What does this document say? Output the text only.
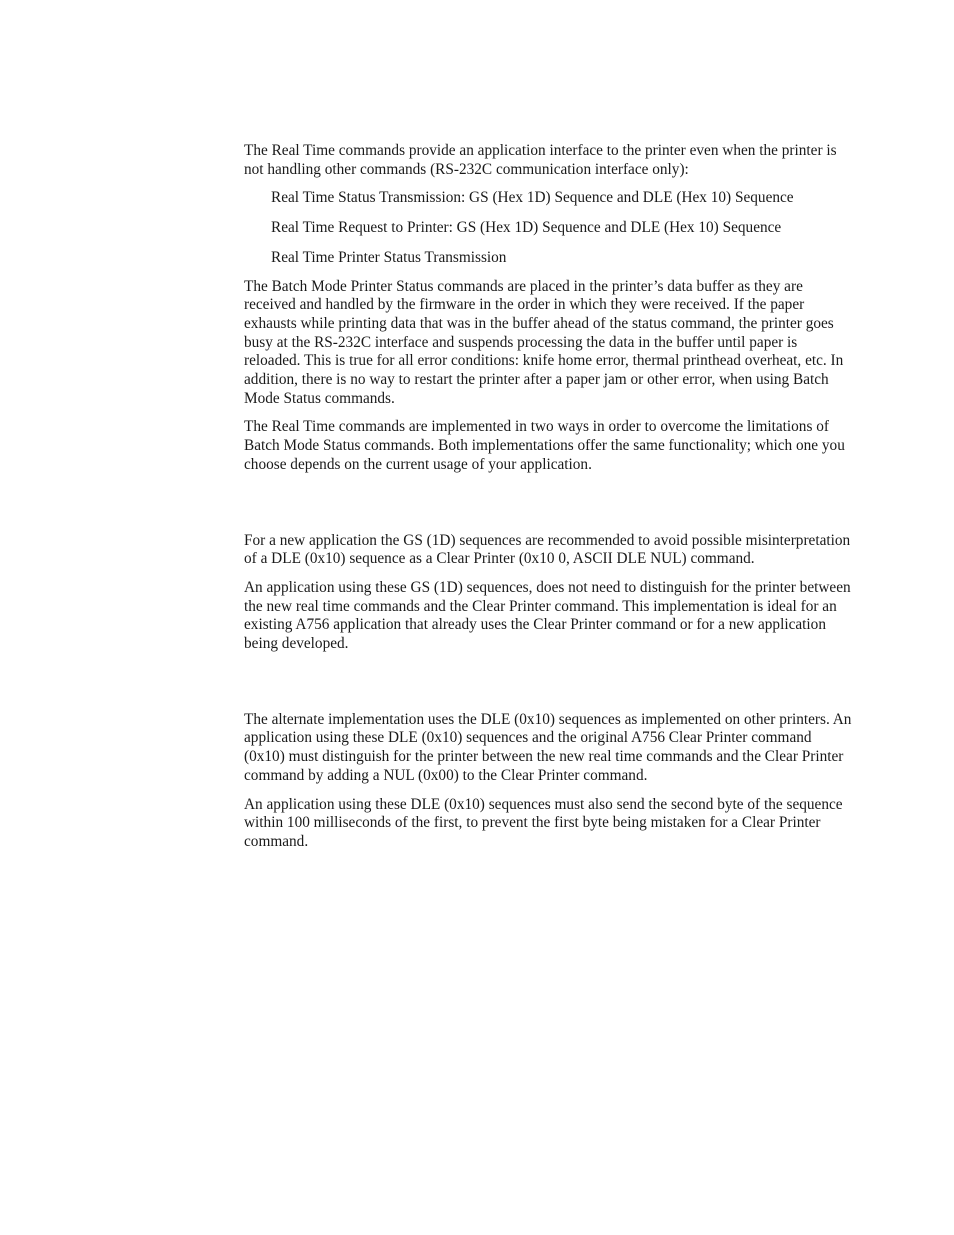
The Real Time commands provide an application interface to the printer even when the printer is not handling other commands (RS-232C communication interface only):

Real Time Status Transmission: GS (Hex 1D) Sequence and DLE (Hex 10) Sequence
Real Time Request to Printer: GS (Hex 1D) Sequence and DLE (Hex 10) Sequence
Real Time Printer Status Transmission

The Batch Mode Printer Status commands are placed in the printer’s data buffer as they are received and handled by the firmware in the order in which they were received. If the paper exhausts while printing data that was in the buffer ahead of the status command, the printer goes busy at the RS-232C interface and suspends processing the data in the buffer until paper is reloaded. This is true for all error conditions: knife home error, thermal printhead overheat, etc. In addition, there is no way to restart the printer after a paper jam or other error, when using Batch Mode Status commands.

The Real Time commands are implemented in two ways in order to overcome the limitations of Batch Mode Status commands. Both implementations offer the same functionality; which one you choose depends on the current usage of your application.

For a new application the GS (1D) sequences are recommended to avoid possible misinterpretation of a DLE (0x10) sequence as a Clear Printer (0x10 0, ASCII DLE NUL) command.

An application using these GS (1D) sequences, does not need to distinguish for the printer between the new real time commands and the Clear Printer command. This implementation is ideal for an existing A756 application that already uses the Clear Printer command or for a new application being developed.

The alternate implementation uses the DLE (0x10) sequences as implemented on other printers. An application using these DLE (0x10) sequences and the original A756 Clear Printer command (0x10) must distinguish for the printer between the new real time commands and the Clear Printer command by adding a NUL (0x00) to the Clear Printer command.

An application using these DLE (0x10) sequences must also send the second byte of the sequence within 100 milliseconds of the first, to prevent the first byte being mistaken for a Clear Printer command.
